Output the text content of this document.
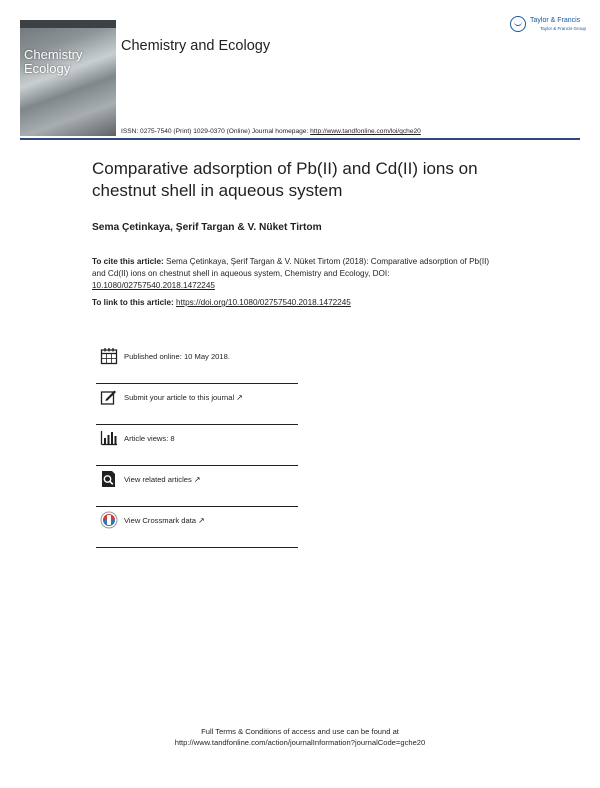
Chemistry
Ecology
Chemistry and Ecology
Taylor & Francis
Taylor & Francis Group
ISSN: 0275-7540 (Print) 1029-0370 (Online) Journal homepage: http://www.tandfonline.com/loi/gche20
Comparative adsorption of Pb(II) and Cd(II) ions on chestnut shell in aqueous system
Sema Çetinkaya, Şerif Targan & V. Nüket Tirtom
To cite this article: Sema Çetinkaya, Şerif Targan & V. Nüket Tirtom (2018): Comparative adsorption of Pb(II) and Cd(II) ions on chestnut shell in aqueous system, Chemistry and Ecology, DOI: 10.1080/02757540.2018.1472245
To link to this article: https://doi.org/10.1080/02757540.2018.1472245
Published online: 10 May 2018.
Submit your article to this journal ↗
Article views: 8
View related articles ↗
View Crossmark data ↗
Full Terms & Conditions of access and use can be found at
http://www.tandfonline.com/action/journalInformation?journalCode=gche20
